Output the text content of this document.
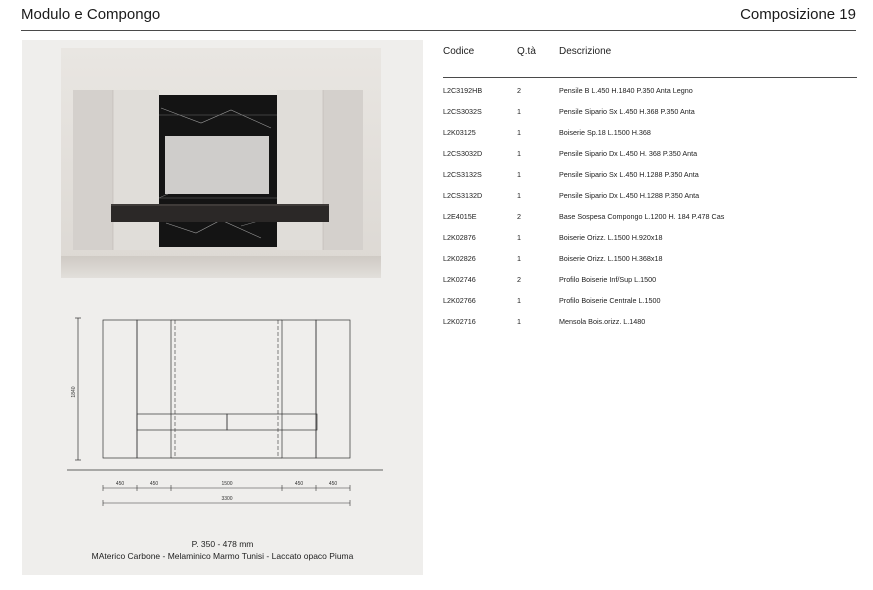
Modulo e Compongo	Composizione 19
1840
450	450	1500	450	450
3300
P. 350 - 478 mm
MAterico Carbone - Melaminico Marmo Tunisi - Laccato opaco Piuma
Codice	Q.tà Descrizione
L2C3192HB	2	Pensile B L.450 H.1840 P.350 Anta Legno
L2CS3032S	1	Pensile Sipario Sx L.450 H.368 P.350 Anta
L2K03125	1	Boiserie Sp.18 L.1500 H.368
L2CS3032D	1	Pensile Sipario Dx L.450 H. 368 P.350 Anta
L2CS3132S	1	Pensile Sipario Sx L.450 H.1288 P.350 Anta
L2CS3132D	1	Pensile Sipario Dx L.450 H.1288 P.350 Anta
L2E4015E	2	Base Sospesa Compongo L.1200 H. 184 P.478 Cas
L2K02876	1	Boiserie Orizz. L.1500 H.920x18
L2K02826	1	Boiserie Orizz. L.1500 H.368x18
L2K02746	2	Profilo Boiserie Inf/Sup L.1500
L2K02766	1	Profilo Boiserie Centrale L.1500
L2K02716	1	Mensola Bois.orizz. L.1480
